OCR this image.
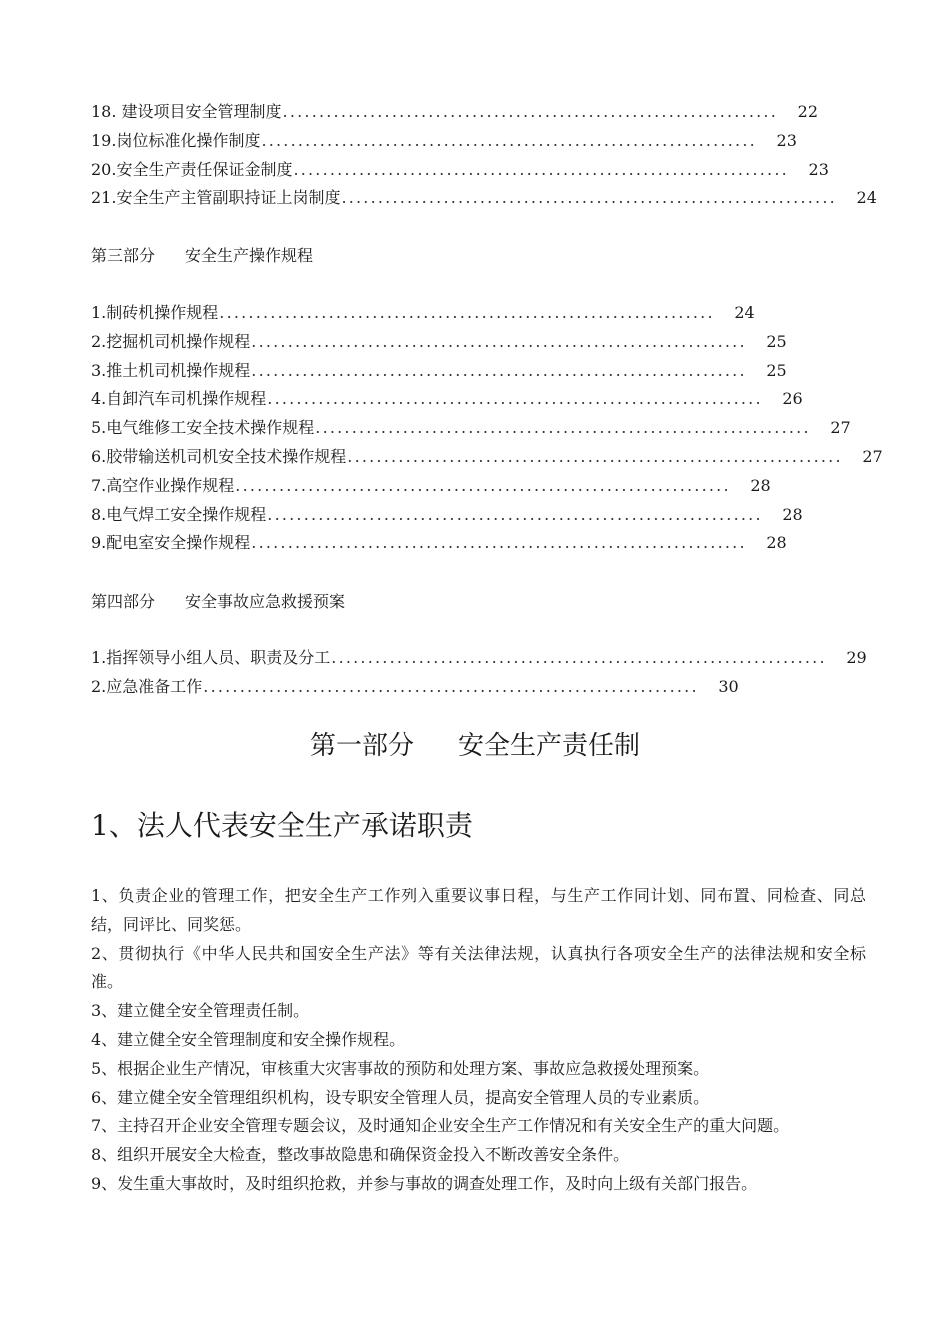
18. 建设项目安全管理制度 ....................................................................	22
19.岗位标准化操作制度 ....................................................................	23
20.安全生产责任保证金制度 ....................................................................	23
21.安全生产主管副职持证上岗制度 ....................................................................	24
第三部分 安全生产操作规程
1.制砖机操作规程 ....................................................................	24
2.挖掘机司机操作规程 ....................................................................	25
3.推土机司机操作规程 ....................................................................	25
4.自卸汽车司机操作规程 ....................................................................	26
5.电气维修工安全技术操作规程 ....................................................................	27
6.胶带输送机司机安全技术操作规程 ....................................................................	27
7.高空作业操作规程 ....................................................................	28
8.电气焊工安全操作规程 ....................................................................	28
9.配电室安全操作规程 ....................................................................	28
第四部分 安全事故应急救援预案
1.指挥领导小组人员、职责及分工 ....................................................................	29
2.应急准备工作 ....................................................................	30
第一部分 安全生产责任制
1、法人代表安全生产承诺职责

1、负责企业的管理工作，把安全生产工作列入重要议事日程，与生产工作同计划、同布置、同检查、同总结，同评比、同奖惩。

2、贯彻执行《中华人民共和国安全生产法》等有关法律法规，认真执行各项安全生产的法律法规和安全标准。

3、建立健全安全管理责任制。

4、建立健全安全管理制度和安全操作规程。

5、根据企业生产情况，审核重大灾害事故的预防和处理方案、事故应急救援处理预案。

6、建立健全安全管理组织机构，设专职安全管理人员，提高安全管理人员的专业素质。

7、主持召开企业安全管理专题会议，及时通知企业安全生产工作情况和有关安全生产的重大问题。

8、组织开展安全大检查，整改事故隐患和确保资金投入不断改善安全条件。

9、发生重大事故时，及时组织抢救，并参与事故的调查处理工作，及时向上级有关部门报告。
